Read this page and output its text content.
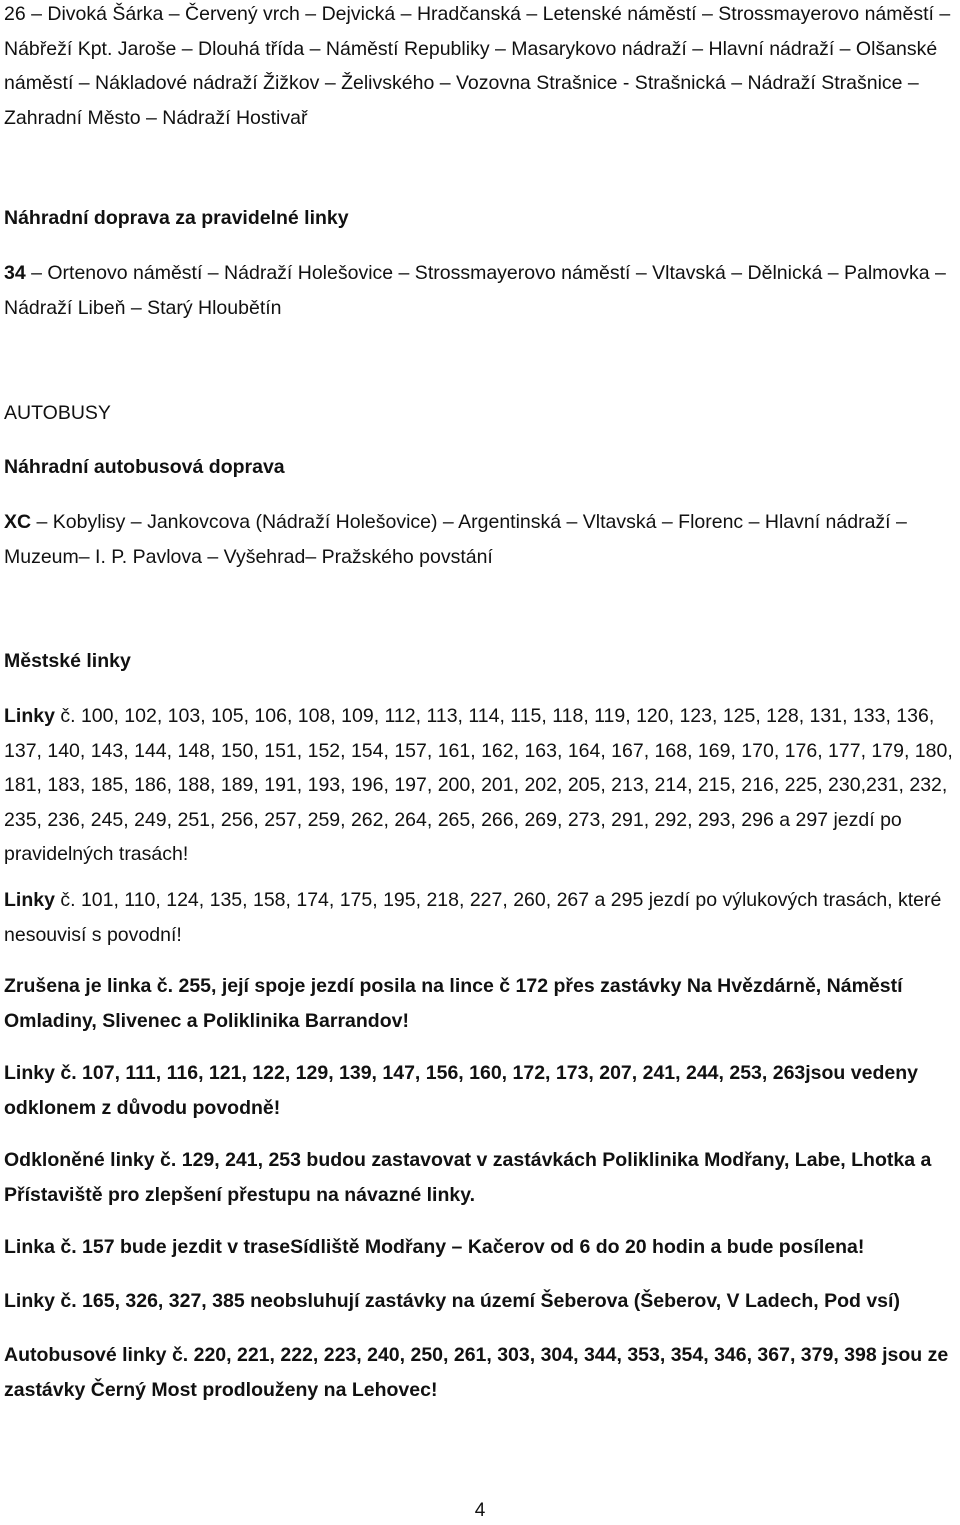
26 – Divoká Šárka – Červený vrch – Dejvická – Hradčanská – Letenské náměstí – Strossmayerovo náměstí – Nábřeží Kpt. Jaroše – Dlouhá třída – Náměstí Republiky – Masarykovo nádraží – Hlavní nádraží – Olšanské náměstí – Nákladové nádraží Žižkov – Želivského – Vozovna Strašnice - Strašnická – Nádraží Strašnice – Zahradní Město – Nádraží Hostivař

Náhradní doprava za pravidelné linky

34 – Ortenovo náměstí – Nádraží Holešovice – Strossmayerovo náměstí – Vltavská – Dělnická – Palmovka – Nádraží Libeň – Starý Hloubětín

AUTOBUSY

Náhradní autobusová doprava

XC – Kobylisy – Jankovcova (Nádraží Holešovice) – Argentinská – Vltavská – Florenc – Hlavní nádraží – Muzeum– I. P. Pavlova – Vyšehrad– Pražského povstání

Městské linky

Linky č. 100, 102, 103, 105, 106, 108, 109, 112, 113, 114, 115, 118, 119, 120, 123, 125, 128, 131, 133, 136, 137, 140, 143, 144, 148, 150, 151, 152, 154, 157, 161, 162, 163, 164, 167, 168, 169, 170, 176, 177, 179, 180, 181, 183, 185, 186, 188, 189, 191, 193, 196, 197, 200, 201, 202, 205, 213, 214, 215, 216, 225, 230,231, 232, 235, 236, 245, 249, 251, 256, 257, 259, 262, 264, 265, 266, 269, 273, 291, 292, 293, 296 a 297 jezdí po pravidelných trasách!

Linky č. 101, 110, 124, 135, 158, 174, 175, 195, 218, 227, 260, 267 a 295 jezdí po výlukových trasách, které nesouvisí s povodní!

Zrušena je linka č. 255, její spoje jezdí posila na lince č 172 přes zastávky Na Hvězdárně, Náměstí Omladiny, Slivenec a Poliklinika Barrandov!

Linky č. 107, 111, 116, 121, 122, 129, 139, 147, 156, 160, 172, 173, 207, 241, 244, 253, 263jsou vedeny odklonem z důvodu povodně!

Odkloněné linky č. 129, 241, 253 budou zastavovat v zastávkách Poliklinika Modřany, Labe, Lhotka a Přístaviště pro zlepšení přestupu na návazné linky.

Linka č. 157 bude jezdit v traseSídliště Modřany – Kačerov od 6 do 20 hodin a bude posílena!

Linky č. 165, 326, 327, 385 neobsluhují zastávky na území Šeberova (Šeberov, V Ladech, Pod vsí)

Autobusové linky č. 220, 221, 222, 223, 240, 250, 261, 303, 304, 344, 353, 354, 346, 367, 379, 398 jsou ze zastávky Černý Most prodlouženy na Lehovec!

4
